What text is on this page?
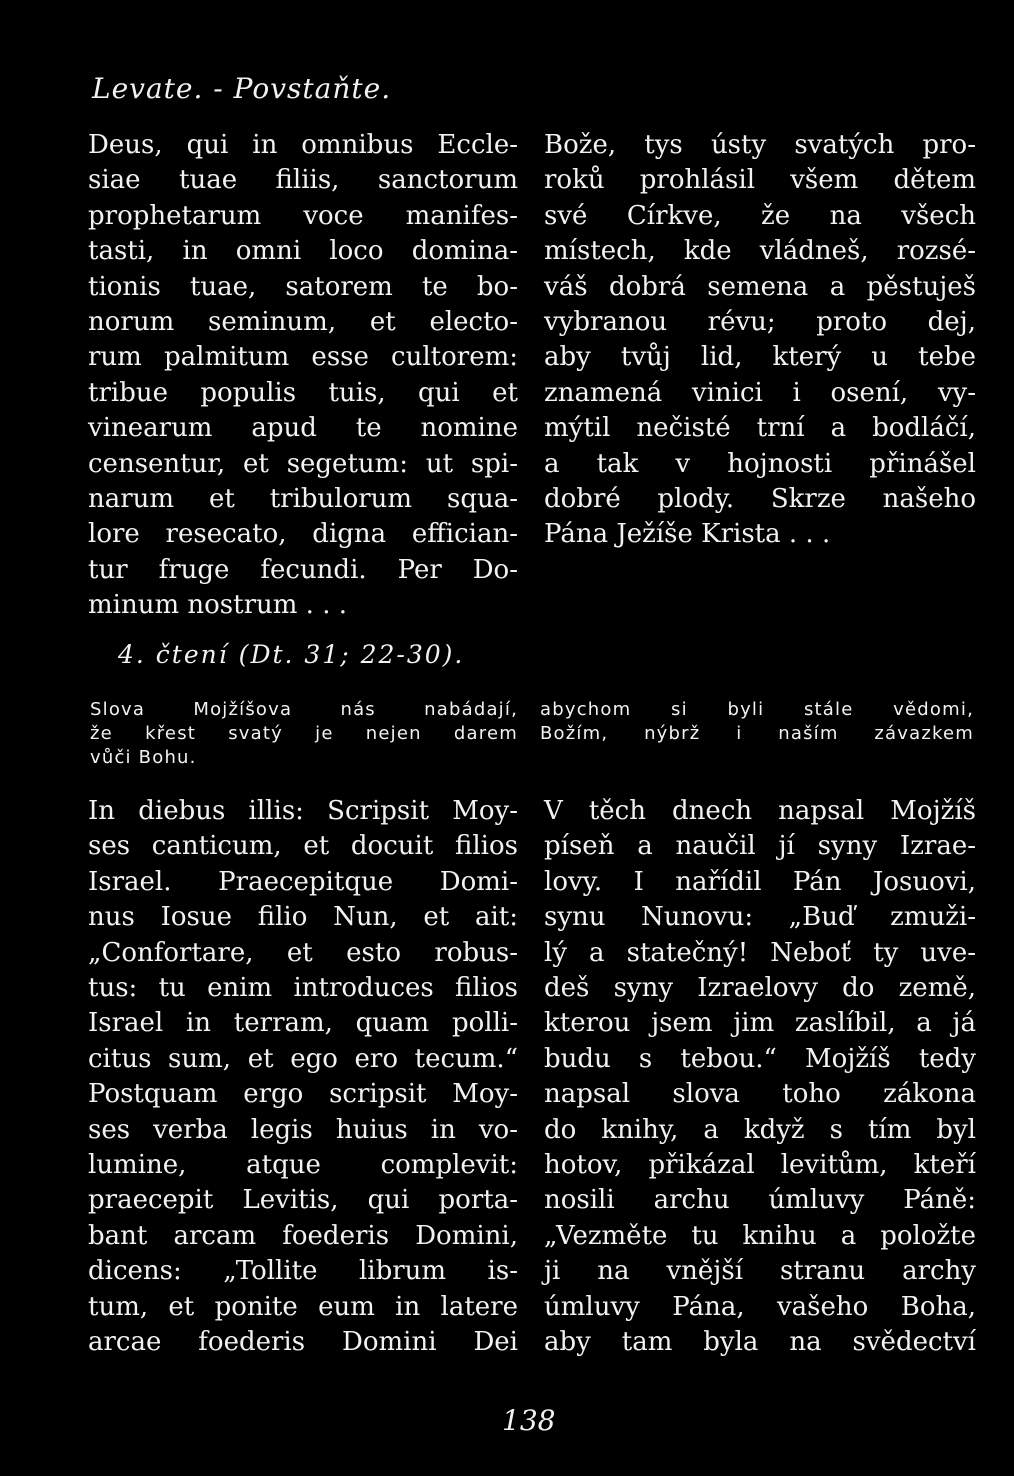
Levate. - Povstaňte.
Deus, qui in omnibus Eccle-
siae tuae filiis, sanctorum
prophetarum voce manifes-
tasti, in omni loco domina-
tionis tuae, satorem te bo-
norum seminum, et electo-
rum palmitum esse cultorem:
tribue populis tuis, qui et
vinearum apud te nomine
censentur, et segetum: ut spi-
narum et tribulorum squa-
lore resecato, digna effician-
tur fruge fecundi. Per Do-
minum nostrum . . .
Bože, tys ústy svatých pro-
roků prohlásil všem dětem
své Církve, že na všech
místech, kde vládneš, rozsé-
váš dobrá semena a pěstuješ
vybranou révu; proto dej,
aby tvůj lid, který u tebe
znamená vinici i osení, vy-
mýtil nečisté trní a bodláčí,
a tak v hojnosti přinášel
dobré plody. Skrze našeho
Pána Ježíše Krista . . .
4. čtení (Dt. 31; 22-30).
Slova Mojžíšova nás nabádají,
že křest svatý je nejen darem
vůči Bohu.
abychom si byli stále vědomi,
Božím, nýbrž i naším závazkem
In diebus illis: Scripsit Moy-
ses canticum, et docuit filios
Israel. Praecepitque Domi-
nus Iosue filio Nun, et ait:
„Confortare, et esto robus-
tus: tu enim introduces filios
Israel in terram, quam polli-
citus sum, et ego ero tecum.“
Postquam ergo scripsit Moy-
ses verba legis huius in vo-
lumine, atque complevit:
praecepit Levitis, qui porta-
bant arcam foederis Domini,
dicens: „Tollite librum is-
tum, et ponite eum in latere
arcae foederis Domini Dei
V těch dnech napsal Mojžíš
píseň a naučil jí syny Izrae-
lovy. I nařídil Pán Josuovi,
synu Nunovu: „Buď zmuži-
lý a statečný! Neboť ty uve-
deš syny Izraelovy do země,
kterou jsem jim zaslíbil, a já
budu s tebou.“ Mojžíš tedy
napsal slova toho zákona
do knihy, a když s tím byl
hotov, přikázal levitům, kteří
nosili archu úmluvy Páně:
„Vezměte tu knihu a položte
ji na vnější stranu archy
úmluvy Pána, vašeho Boha,
aby tam byla na svědectví
138
